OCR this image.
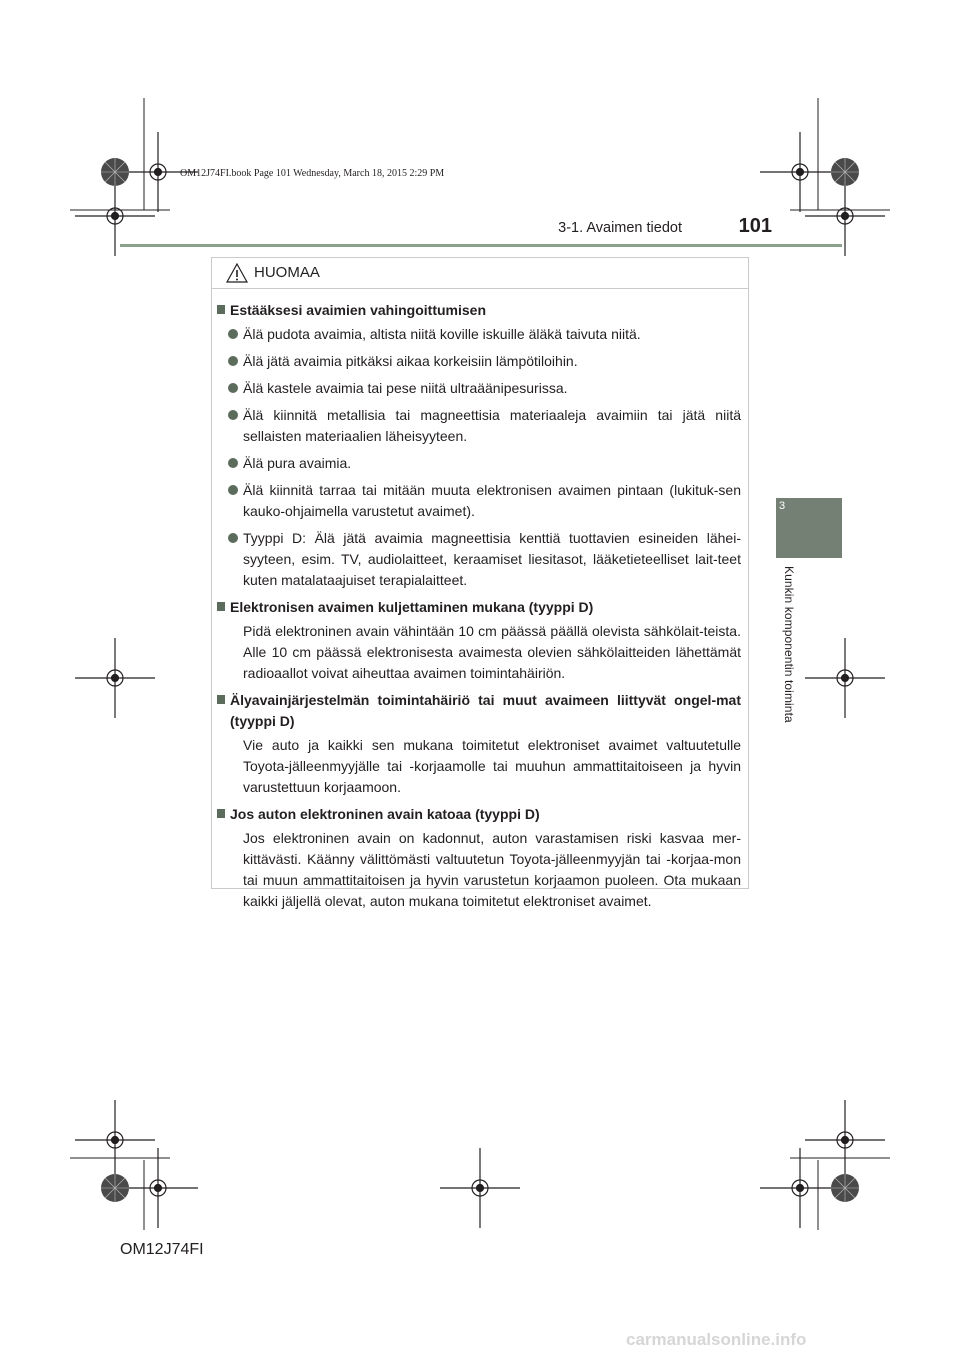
OM12J74FI.book Page 101 Wednesday, March 18, 2015 2:29 PM
3-1. Avaimen tiedot	101
3
Kunkin komponentin toiminta
HUOMAA
Estääksesi avaimien vahingoittumisen
Älä pudota avaimia, altista niitä koville iskuille äläkä taivuta niitä.
Älä jätä avaimia pitkäksi aikaa korkeisiin lämpötiloihin.
Älä kastele avaimia tai pese niitä ultraäänipesurissa.
Älä kiinnitä metallisia tai magneettisia materiaaleja avaimiin tai jätä niitä sellaisten materiaalien läheisyyteen.
Älä pura avaimia.
Älä kiinnitä tarraa tai mitään muuta elektronisen avaimen pintaan (lukituk-sen kauko-ohjaimella varustetut avaimet).
Tyyppi D: Älä jätä avaimia magneettisia kenttiä tuottavien esineiden lähei-syyteen, esim. TV, audiolaitteet, keraamiset liesitasot, lääketieteelliset lait-teet kuten matalataajuiset terapialaitteet.
Elektronisen avaimen kuljettaminen mukana (tyyppi D)
Pidä elektroninen avain vähintään 10 cm päässä päällä olevista sähkölait-teista. Alle 10 cm päässä elektronisesta avaimesta olevien sähkölaitteiden lähettämät radioaallot voivat aiheuttaa avaimen toimintahäiriön.
Älyavainjärjestelmän toimintahäiriö tai muut avaimeen liittyvät ongel-mat (tyyppi D)
Vie auto ja kaikki sen mukana toimitetut elektroniset avaimet valtuutetulle Toyota-jälleenmyyjälle tai -korjaamolle tai muuhun ammattitaitoiseen ja hyvin varustettuun korjaamoon.
Jos auton elektroninen avain katoaa (tyyppi D)
Jos elektroninen avain on kadonnut, auton varastamisen riski kasvaa mer-kittävästi. Käänny välittömästi valtuutetun Toyota-jälleenmyyjän tai -korjaa-mon tai muun ammattitaitoisen ja hyvin varustetun korjaamon puoleen. Ota mukaan kaikki jäljellä olevat, auton mukana toimitetut elektroniset avaimet.
OM12J74FI
carmanualsonline.info
